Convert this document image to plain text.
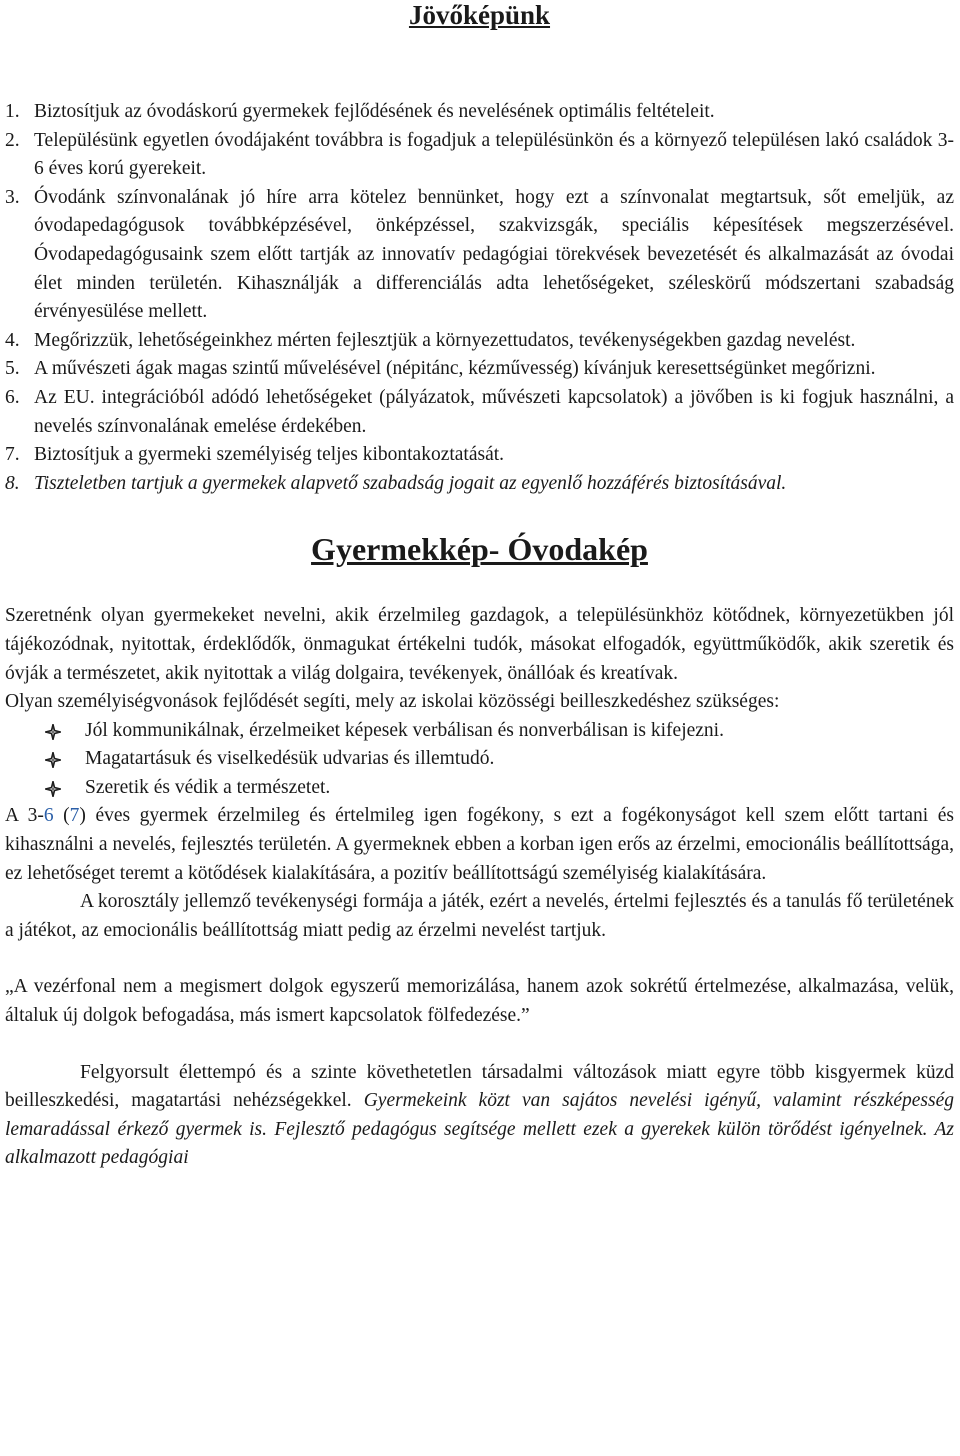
Jövőképünk
1. Biztosítjuk az óvodáskorú gyermekek fejlődésének és nevelésének optimális feltételeit.
2. Településünk egyetlen óvodájaként továbbra is fogadjuk a településünkön és a környező településen lakó családok 3-6 éves korú gyerekeit.
3. Óvodánk színvonalának jó híre arra kötelez bennünket, hogy ezt a színvonalat megtartsuk, sőt emeljük, az óvodapedagógusok továbbképzésével, önképzéssel, szakvizsgák, speciális képesítések megszerzésével. Óvodapedagógusaink szem előtt tartják az innovatív pedagógiai törekvések bevezetését és alkalmazását az óvodai élet minden területén. Kihasználják a differenciálás adta lehetőségeket, széleskörű módszertani szabadság érvényesülése mellett.
4. Megőrizzük, lehetőségeinkhez mérten fejlesztjük a környezettudatos, tevékenységekben gazdag nevelést.
5. A művészeti ágak magas szintű művelésével (népitánc, kézművesség) kívánjuk keresettségünket megőrizni.
6. Az EU. integrációból adódó lehetőségeket (pályázatok, művészeti kapcsolatok) a jövőben is ki fogjuk használni, a nevelés színvonalának emelése érdekében.
7. Biztosítjuk a gyermeki személyiség teljes kibontakoztatását.
8. Tiszteletben tartjuk a gyermekek alapvető szabadság jogait az egyenlő hozzáférés biztosításával.
Gyermekkép- Óvodakép

Szeretnénk olyan gyermekeket nevelni, akik érzelmileg gazdagok, a településünkhöz kötődnek, környezetükben jól tájékozódnak, nyitottak, érdeklődők, önmagukat értékelni tudók, másokat elfogadók, együttműködők, akik szeretik és óvják a természetet, akik nyitottak a világ dolgaira, tevékenyek, önállóak és kreatívak.

Olyan személyiségvonások fejlődését segíti, mely az iskolai közösségi beilleszkedéshez szükséges:

Jól kommunikálnak, érzelmeiket képesek verbálisan és nonverbálisan is kifejezni.
Magatartásuk és viselkedésük udvarias és illemtudó.
Szeretik és védik a természetet.

A 3-6 (7) éves gyermek érzelmileg és értelmileg igen fogékony, s ezt a fogékonyságot kell szem előtt tartani és kihasználni a nevelés, fejlesztés területén. A gyermeknek ebben a korban igen erős az érzelmi, emocionális beállítottsága, ez lehetőséget teremt a kötődések kialakítására, a pozitív beállítottságú személyiség kialakítására.

A korosztály jellemző tevékenységi formája a játék, ezért a nevelés, értelmi fejlesztés és a tanulás fő területének a játékot, az emocionális beállítottság miatt pedig az érzelmi nevelést tartjuk.

„A vezérfonal nem a megismert dolgok egyszerű memorizálása, hanem azok sokrétű értelmezése, alkalmazása, velük, általuk új dolgok befogadása, más ismert kapcsolatok fölfedezése.”

Felgyorsult élettempó és a szinte követhetetlen társadalmi változások miatt egyre több kisgyermek küzd beilleszkedési, magatartási nehézségekkel. Gyermekeink közt van sajátos nevelési igényű, valamint részképesség lemaradással érkező gyermek is. Fejlesztő pedagógus segítsége mellett ezek a gyerekek külön törődést igényelnek. Az alkalmazott pedagógiai
